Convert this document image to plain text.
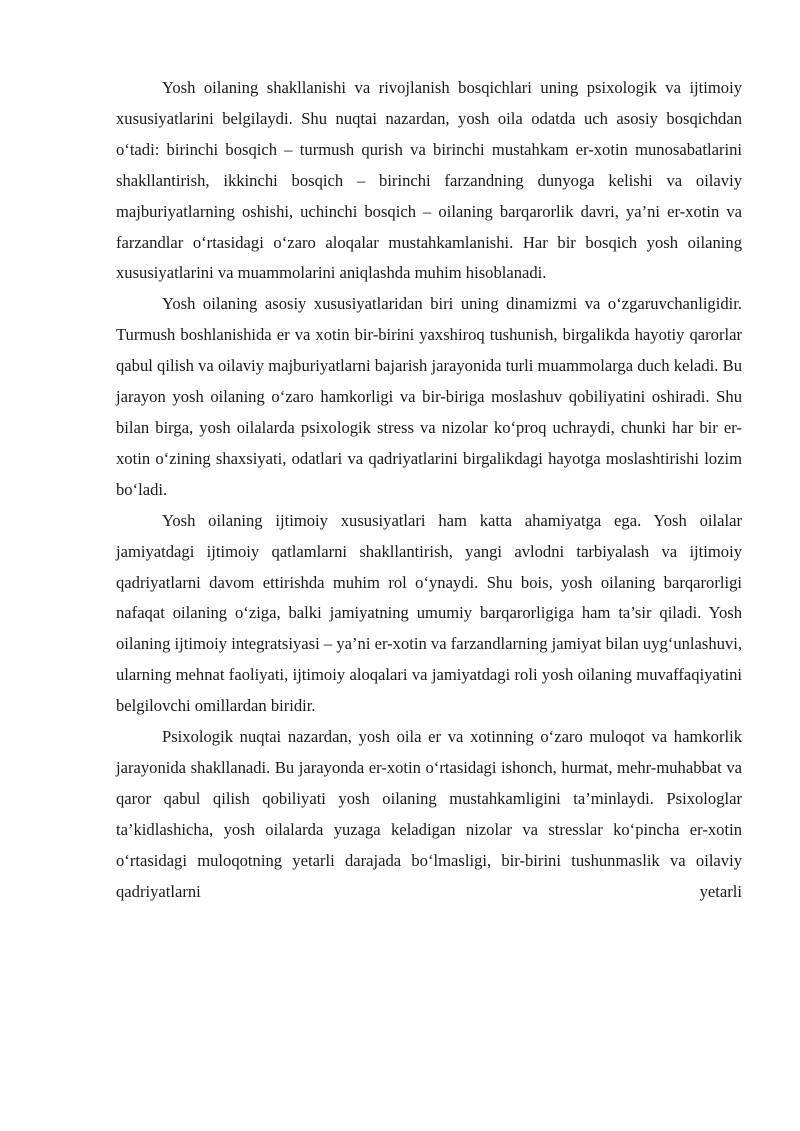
Yosh oilaning shakllanishi va rivojlanish bosqichlari uning psixologik va ijtimoiy xususiyatlarini belgilaydi. Shu nuqtai nazardan, yosh oila odatda uch asosiy bosqichdan o‘tadi: birinchi bosqich – turmush qurish va birinchi mustahkam er-xotin munosabatlarini shakllantirish, ikkinchi bosqich – birinchi farzandning dunyoga kelishi va oilaviy majburiyatlarning oshishi, uchinchi bosqich – oilaning barqarorlik davri, ya’ni er-xotin va farzandlar o‘rtasidagi o‘zaro aloqalar mustahkamlanishi. Har bir bosqich yosh oilaning xususiyatlarini va muammolarini aniqlashda muhim hisoblanadi.

Yosh oilaning asosiy xususiyatlaridan biri uning dinamizmi va o‘zgaruvchanligidir. Turmush boshlanishida er va xotin bir-birini yaxshiroq tushunish, birgalikda hayotiy qarorlar qabul qilish va oilaviy majburiyatlarni bajarish jarayonida turli muammolarga duch keladi. Bu jarayon yosh oilaning o‘zaro hamkorligi va bir-biriga moslashuv qobiliyatini oshiradi. Shu bilan birga, yosh oilalarda psixologik stress va nizolar ko‘proq uchraydi, chunki har bir er-xotin o‘zining shaxsiyati, odatlari va qadriyatlarini birgalikdagi hayotga moslashtirishi lozim bo‘ladi.

Yosh oilaning ijtimoiy xususiyatlari ham katta ahamiyatga ega. Yosh oilalar jamiyatdagi ijtimoiy qatlamlarni shakllantirish, yangi avlodni tarbiyalash va ijtimoiy qadriyatlarni davom ettirishda muhim rol o‘ynaydi. Shu bois, yosh oilaning barqarorligi nafaqat oilaning o‘ziga, balki jamiyatning umumiy barqarorligiga ham ta’sir qiladi. Yosh oilaning ijtimoiy integratsiyasi – ya’ni er-xotin va farzandlarning jamiyat bilan uyg‘unlashuvi, ularning mehnat faoliyati, ijtimoiy aloqalari va jamiyatdagi roli yosh oilaning muvaffaqiyatini belgilovchi omillardan biridir.

Psixologik nuqtai nazardan, yosh oila er va xotinning o‘zaro muloqot va hamkorlik jarayonida shakllanadi. Bu jarayonda er-xotin o‘rtasidagi ishonch, hurmat, mehr-muhabbat va qaror qabul qilish qobiliyati yosh oilaning mustahkamligini ta’minlaydi. Psixologlar ta’kidlashicha, yosh oilalarda yuzaga keladigan nizolar va stresslar ko‘pincha er-xotin o‘rtasidagi muloqotning yetarli darajada bo‘lmasligi, bir-birini tushunmaslik va oilaviy qadriyatlarni yetarli
